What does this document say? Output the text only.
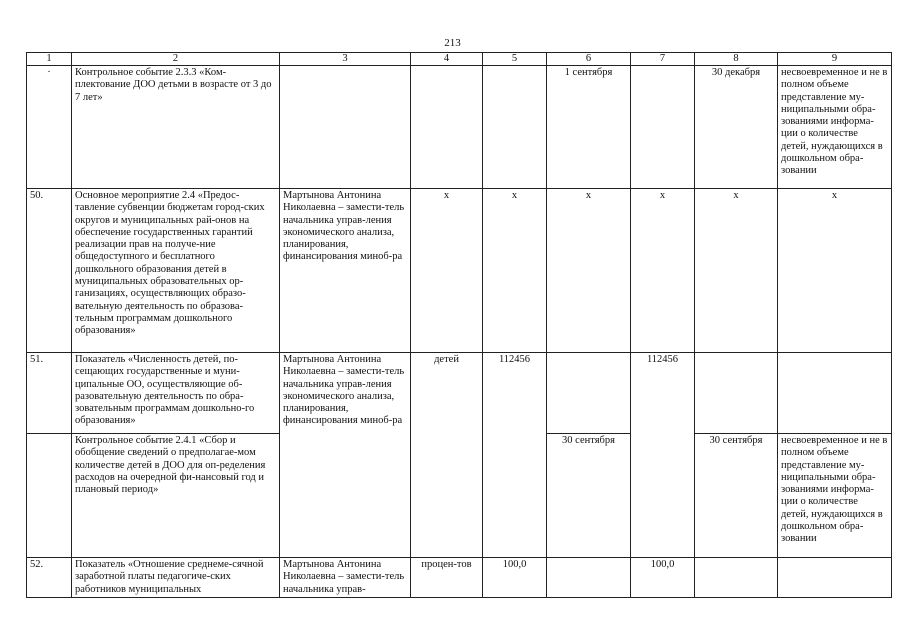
213
1	2	3	4	5	6	7	8	9
·	Контрольное событие 2.3.3 «Ком-плектование ДОО детьми в возрасте от 3 до 7 лет»				1 сентября		30 декабря	несвоевременное и не в полном объеме представление му-ниципальными обра-зованиями информа-ции о количестве детей, нуждающихся в дошкольном обра-зовании
50.	Основное мероприятие 2.4 «Предос-тавление субвенции бюджетам город-ских округов и муниципальных рай-онов на обеспечение государственных гарантий реализации прав на получе-ние общедоступного и бесплатного дошкольного образования детей в муниципальных образовательных ор-ганизациях, осуществляющих образо-вательную деятельность по образова-тельным программам дошкольного образования»	Мартынова Антонина Николаевна – замести-тель начальника управ-ления экономического анализа, планирования, финансирования миноб-ра	х	х	х	х	х	х
51.	Показатель «Численность детей, по-сещающих государственные и муни-ципальные ОО, осуществляющие об-разовательную деятельность по обра-зовательным программам дошкольно-го образования»	Мартынова Антонина Николаевна – замести-тель начальника управ-ления экономического анализа, планирования, финансирования миноб-ра	детей	112456		112456		
	Контрольное событие 2.4.1 «Сбор и обобщение сведений о предполагае-мом количестве детей в ДОО для оп-ределения расходов на очередной фи-нансовый год и плановый период»				30 сентября		30 сентября	несвоевременное и не в полном объеме представление му-ниципальными обра-зованиями информа-ции о количестве детей, нуждающихся в дошкольном обра-зовании
52.	Показатель «Отношение среднеме-сячной заработной платы педагогиче-ских работников муниципальных	Мартынова Антонина Николаевна – замести-тель начальника управ-	процен-тов	100,0		100,0		
